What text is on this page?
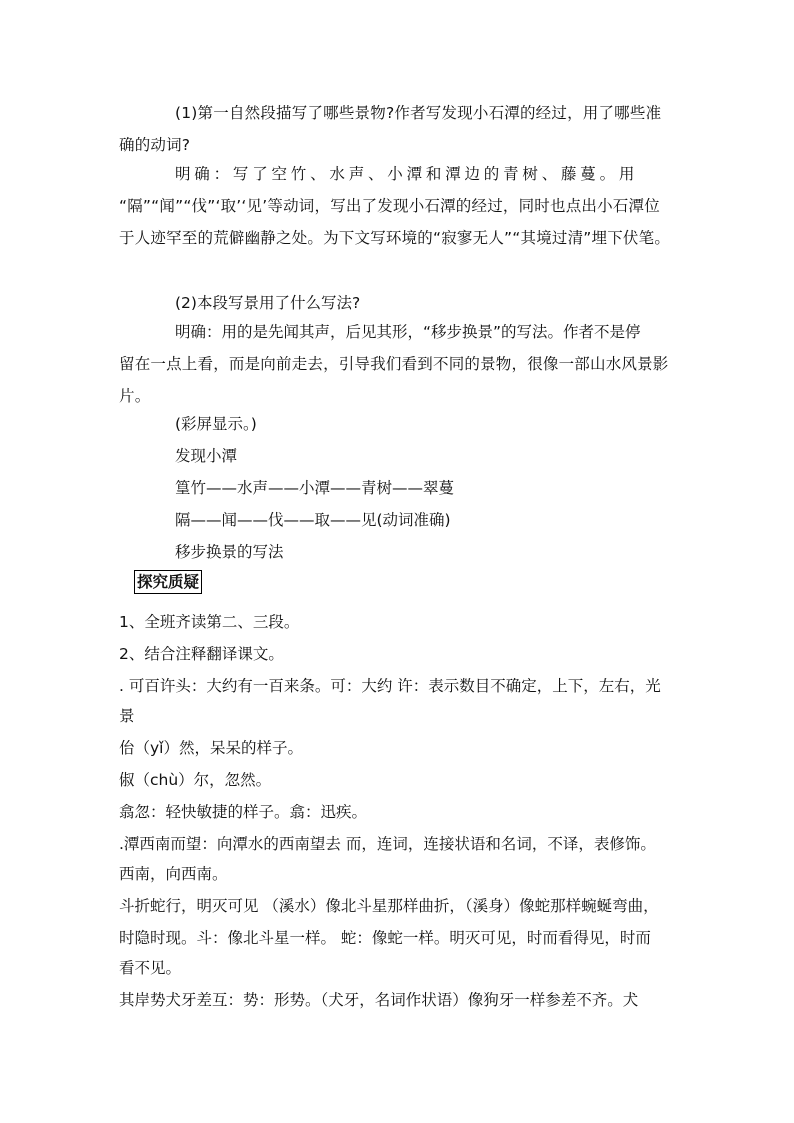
(1)第一自然段描写了哪些景物?作者写发现小石潭的经过，用了哪些准确的动词?

明确：写了空竹、水声、小潭和潭边的青树、藤蔓。用

“隔”“闻”“伐”‘取’‘见’等动词，写出了发现小石潭的经过，同时也点出小石潭位于人迹罕至的荒僻幽静之处。为下文写环境的“寂寥无人”“其境过清”埋下伏笔。

(2)本段写景用了什么写法?

明确：用的是先闻其声，后见其形，“移步换景”的写法。作者不是停

留在一点上看，而是向前走去，引导我们看到不同的景物，很像一部山水风景影片。

(彩屏显示。)

发现小潭

篁竹——水声——小潭——青树——翠蔓

隔——闻——伐——取——见(动词准确)

移步换景的写法

探究质疑

1、全班齐读第二、三段。

2、结合注释翻译课文。

. 可百许头：大约有一百来条。可：大约 许：表示数目不确定，上下，左右，光

景

佁（yǐ）然，呆呆的样子。

俶（chù）尔，忽然。

翕忽：轻快敏捷的样子。翕：迅疾。

.潭西南而望：向潭水的西南望去 而，连词，连接状语和名词，不译，表修饰。

西南，向西南。

斗折蛇行，明灭可见 （溪水）像北斗星那样曲折，（溪身）像蛇那样蜿蜒弯曲，

时隐时现。斗：像北斗星一样。 蛇：像蛇一样。明灭可见，时而看得见，时而

看不见。

其岸势犬牙差互：势：形势。（犬牙，名词作状语）像狗牙一样参差不齐。犬
